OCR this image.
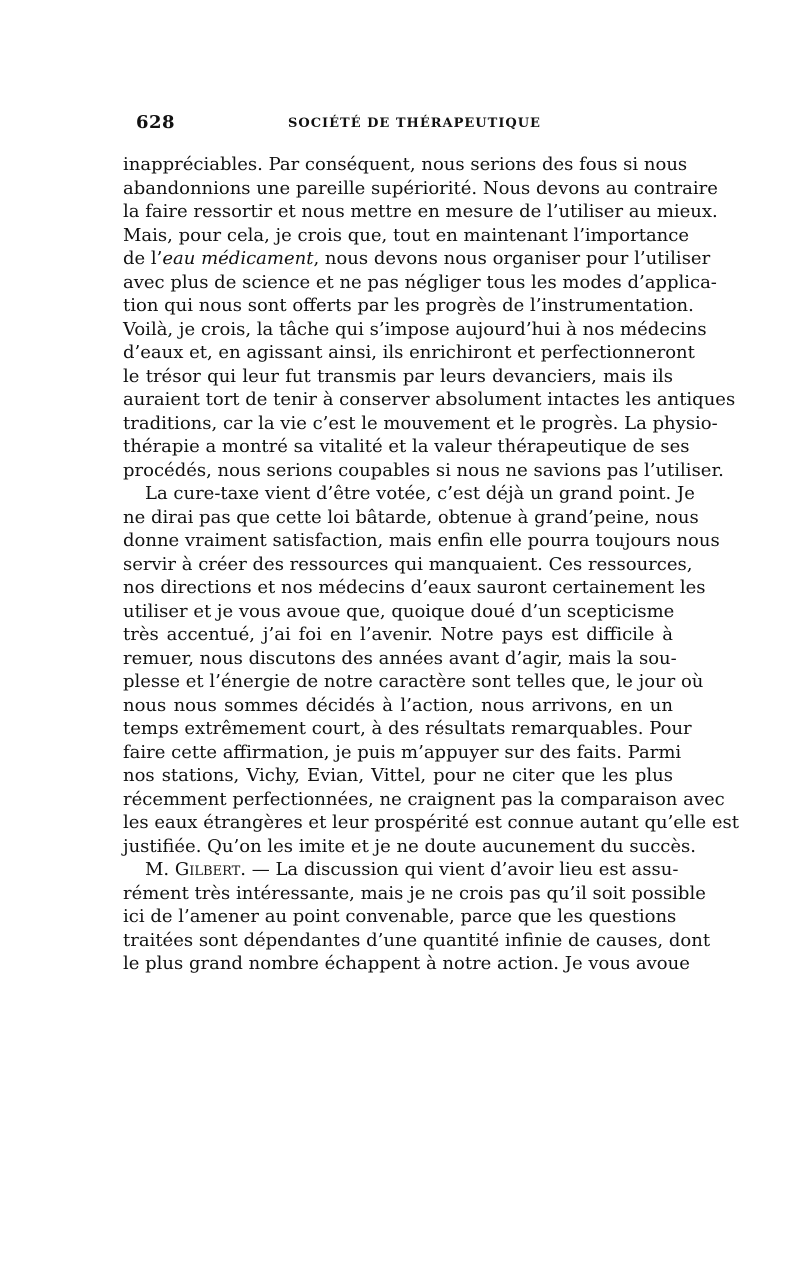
628	SOCIÉTÉ DE THÉRAPEUTIQUE
inappréciables. Par conséquent, nous serions des fous si nous
abandonnions une pareille supériorité. Nous devons au contraire
la faire ressortir et nous mettre en mesure de l’utiliser au mieux.
Mais, pour cela, je crois que, tout en maintenant l’importance
de l’eau médicament, nous devons nous organiser pour l’utiliser
avec plus de science et ne pas négliger tous les modes d’applica-
tion qui nous sont offerts par les progrès de l’instrumentation.
Voilà, je crois, la tâche qui s’impose aujourd’hui à nos médecins
d’eaux et, en agissant ainsi, ils enrichiront et perfectionneront
le trésor qui leur fut transmis par leurs devanciers, mais ils
auraient tort de tenir à conserver absolument intactes les antiques
traditions, car la vie c’est le mouvement et le progrès. La physio-
thérapie a montré sa vitalité et la valeur thérapeutique de ses
procédés, nous serions coupables si nous ne savions pas l’utiliser.
La cure-taxe vient d’être votée, c’est déjà un grand point. Je
ne dirai pas que cette loi bâtarde, obtenue à grand’peine, nous
donne vraiment satisfaction, mais enfin elle pourra toujours nous
servir à créer des ressources qui manquaient. Ces ressources,
nos directions et nos médecins d’eaux sauront certainement les
utiliser et je vous avoue que, quoique doué d’un scepticisme
très accentué, j’ai foi en l’avenir. Notre pays est difficile à
remuer, nous discutons des années avant d’agir, mais la sou-
plesse et l’énergie de notre caractère sont telles que, le jour où
nous nous sommes décidés à l’action, nous arrivons, en un
temps extrêmement court, à des résultats remarquables. Pour
faire cette affirmation, je puis m’appuyer sur des faits. Parmi
nos stations, Vichy, Evian, Vittel, pour ne citer que les plus
récemment perfectionnées, ne craignent pas la comparaison avec
les eaux étrangères et leur prospérité est connue autant qu’elle est
justifiée. Qu’on les imite et je ne doute aucunement du succès.
M. Gilbert. — La discussion qui vient d’avoir lieu est assu-
rément très intéressante, mais je ne crois pas qu’il soit possible
ici de l’amener au point convenable, parce que les questions
traitées sont dépendantes d’une quantité infinie de causes, dont
le plus grand nombre échappent à notre action. Je vous avoue
